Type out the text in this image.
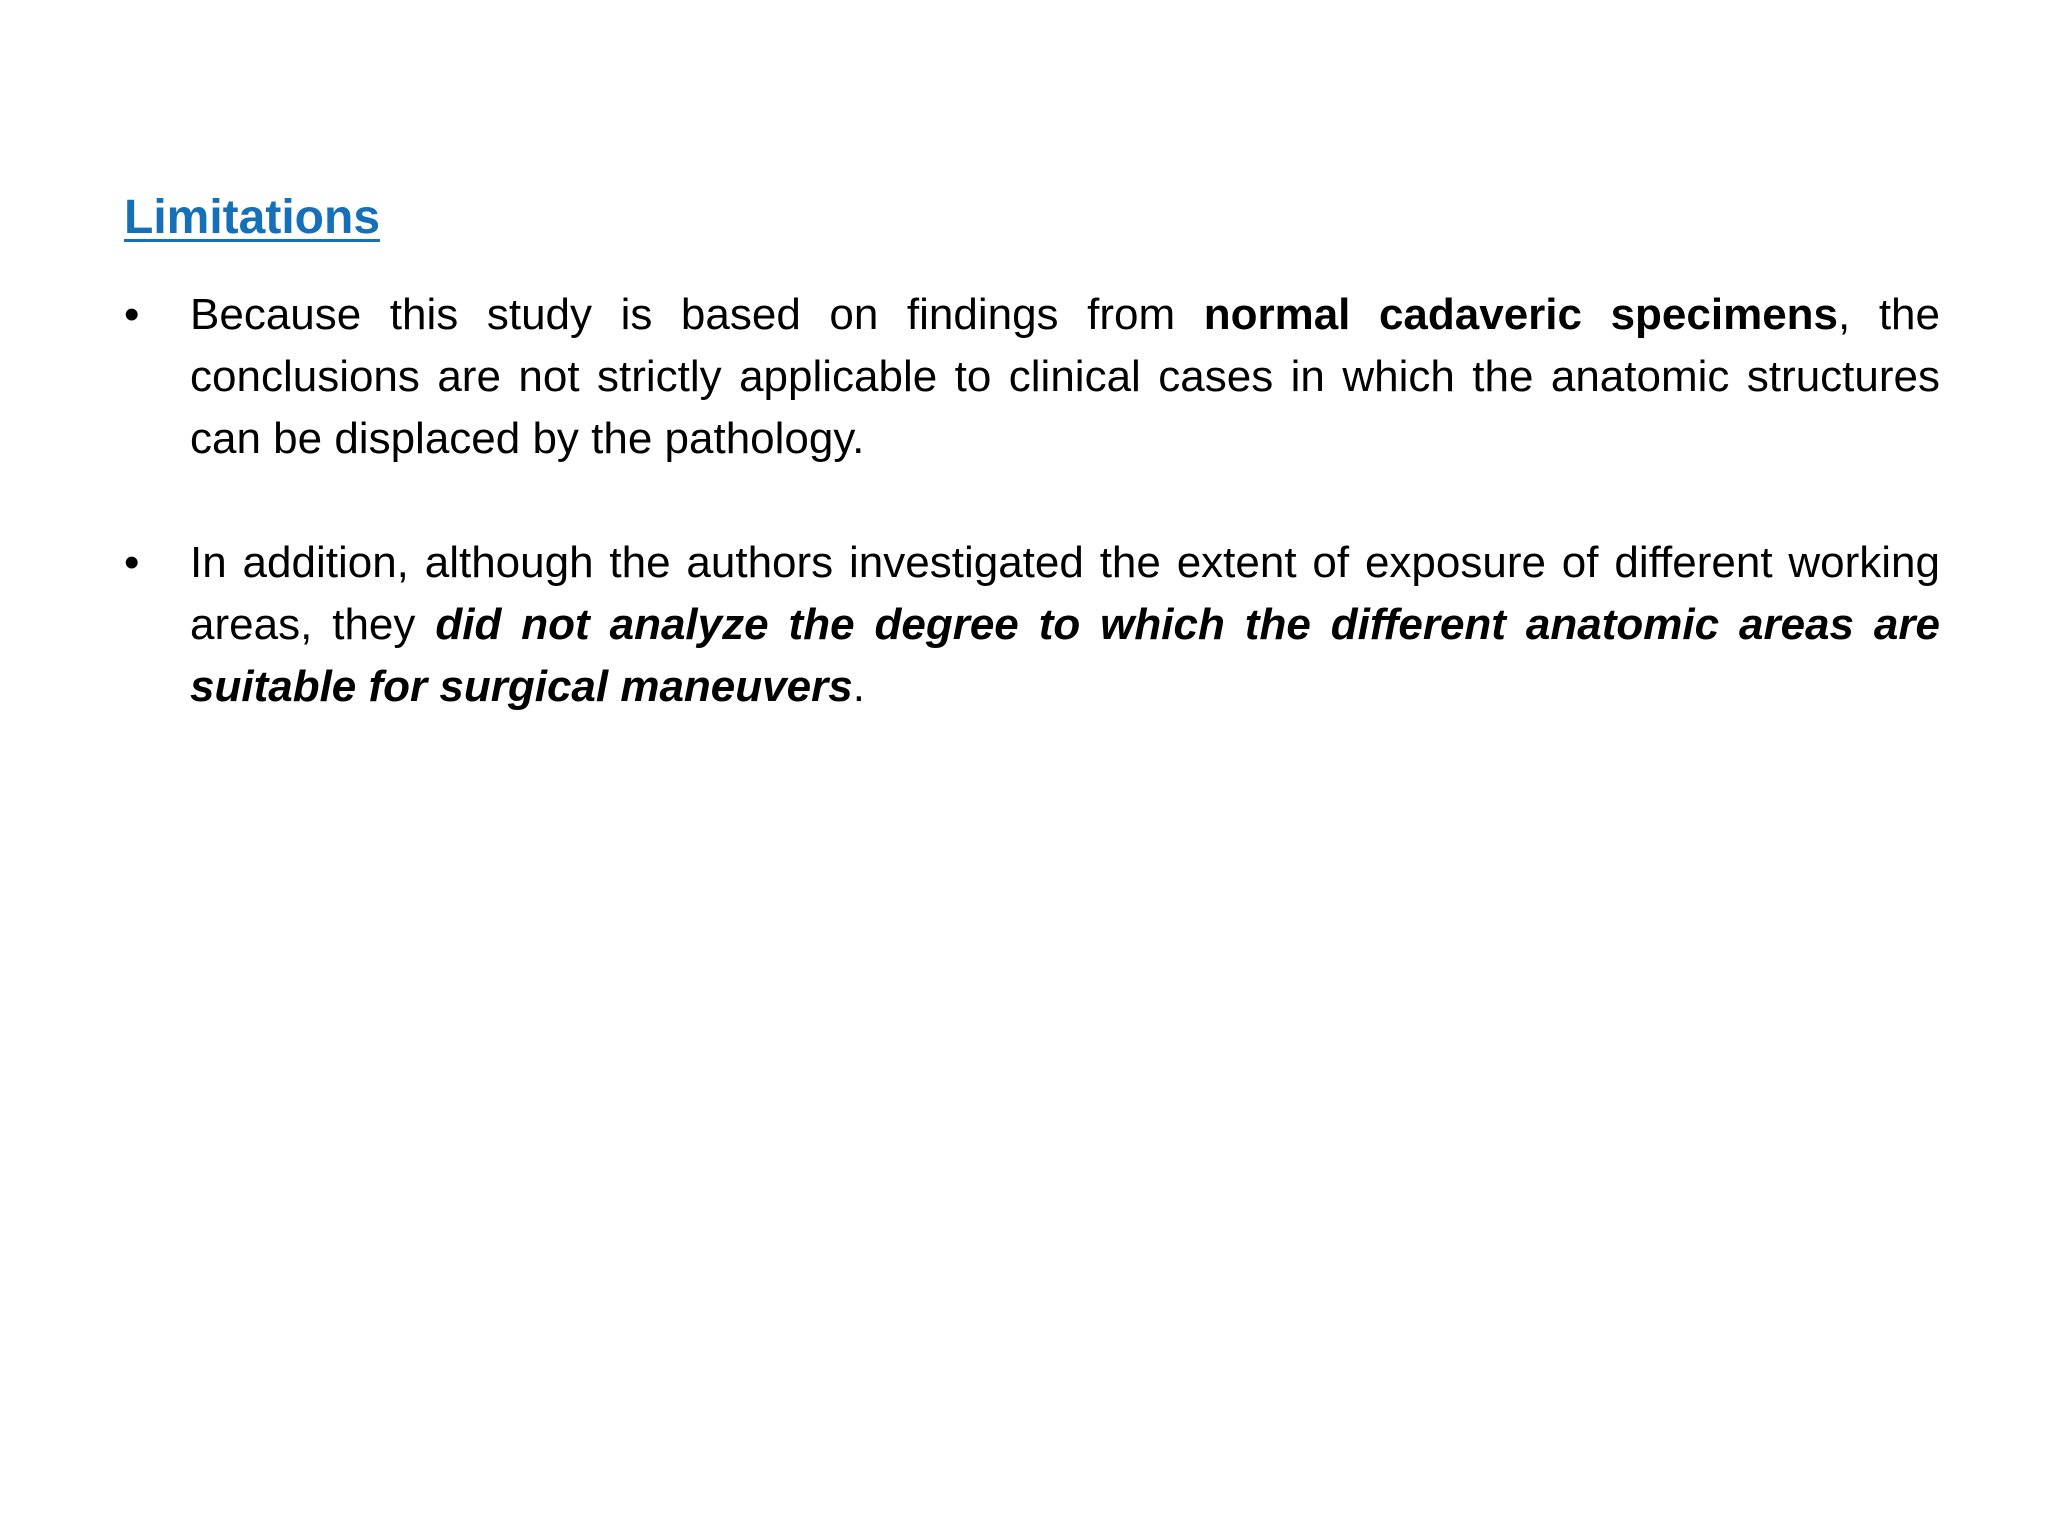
Limitations
•	Because this study is based on findings from normal cadaveric specimens, the conclusions are not strictly applicable to clinical cases in which the anatomic structures can be displaced by the pathology.
•	In addition, although the authors investigated the extent of exposure of different working areas, they did not analyze the degree to which the different anatomic areas are suitable for surgical maneuvers.
